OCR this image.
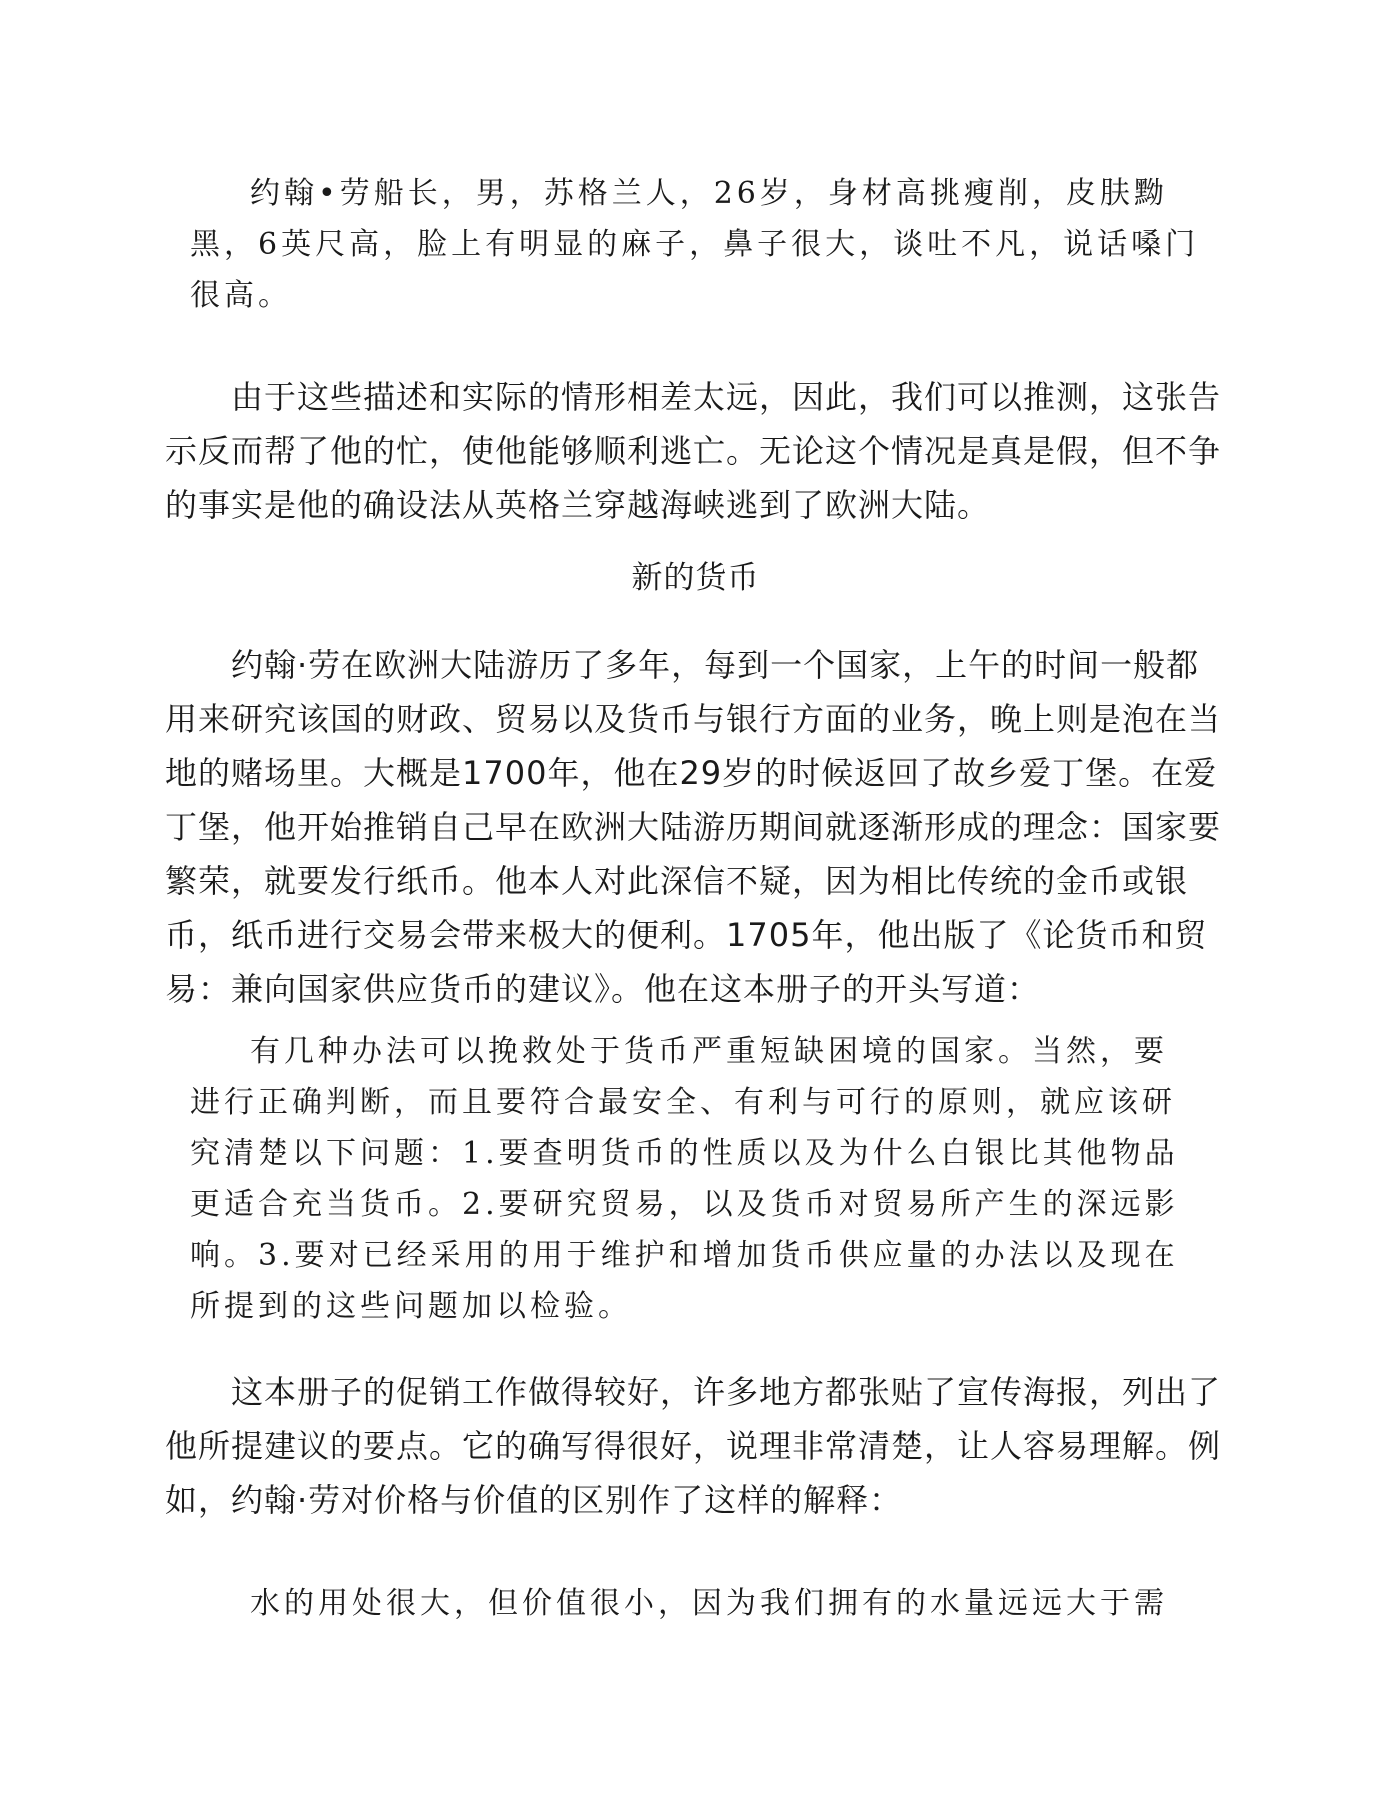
约翰•劳船长，男，苏格兰人，26岁，身材高挑瘦削，皮肤黝黑，6英尺高，脸上有明显的麻子，鼻子很大，谈吐不凡，说话嗓门很高。

由于这些描述和实际的情形相差太远，因此，我们可以推测，这张告示反而帮了他的忙，使他能够顺利逃亡。无论这个情况是真是假，但不争的事实是他的确设法从英格兰穿越海峡逃到了欧洲大陆。

新的货币

约翰·劳在欧洲大陆游历了多年，每到一个国家，上午的时间一般都用来研究该国的财政、贸易以及货币与银行方面的业务，晚上则是泡在当地的赌场里。大概是1700年，他在29岁的时候返回了故乡爱丁堡。在爱丁堡，他开始推销自己早在欧洲大陆游历期间就逐渐形成的理念：国家要繁荣，就要发行纸币。他本人对此深信不疑，因为相比传统的金币或银币，纸币进行交易会带来极大的便利。1705年，他出版了《论货币和贸易：兼向国家供应货币的建议》。他在这本册子的开头写道：

有几种办法可以挽救处于货币严重短缺困境的国家。当然，要进行正确判断，而且要符合最安全、有利与可行的原则，就应该研究清楚以下问题：1.要查明货币的性质以及为什么白银比其他物品更适合充当货币。2.要研究贸易，以及货币对贸易所产生的深远影响。3.要对已经采用的用于维护和增加货币供应量的办法以及现在所提到的这些问题加以检验。

这本册子的促销工作做得较好，许多地方都张贴了宣传海报，列出了他所提建议的要点。它的确写得很好，说理非常清楚，让人容易理解。例如，约翰·劳对价格与价值的区别作了这样的解释：

水的用处很大，但价值很小，因为我们拥有的水量远远大于需
